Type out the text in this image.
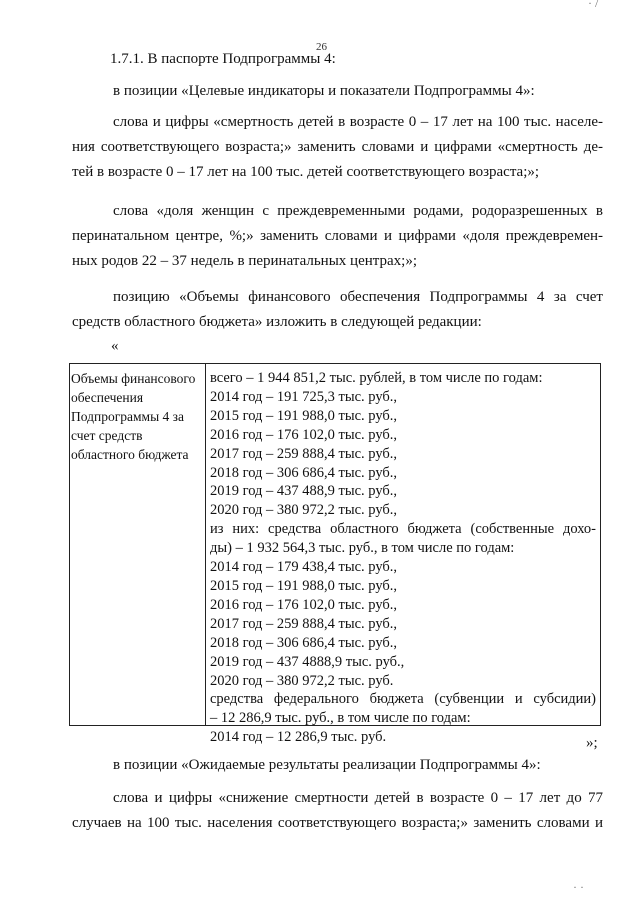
26
· /
1.7.1. В паспорте Подпрограммы 4:
в позиции «Целевые индикаторы и показатели Подпрограммы 4»:
слова и цифры «смертность детей в возрасте 0 – 17 лет на 100 тыс. населе-
ния соответствующего возраста;» заменить словами и цифрами «смертность де-
тей в возрасте 0 – 17 лет на 100 тыс. детей соответствующего возраста;»;
слова «доля женщин с преждевременными родами, родоразрешенных в
перинатальном центре, %;» заменить словами и цифрами «доля преждевремен-
ных родов 22 – 37 недель в перинатальных центрах;»;
позицию «Объемы финансового обеспечения Подпрограммы 4 за счет
средств областного бюджета» изложить в следующей редакции:
«
Объемы финансового обеспечения Подпрограммы 4 за счет средств областного бюджета
всего – 1 944 851,2 тыс. рублей, в том числе по годам:
2014 год – 191 725,3 тыс. руб.,
2015 год – 191 988,0 тыс. руб.,
2016 год – 176 102,0 тыс. руб.,
2017 год – 259 888,4 тыс. руб.,
2018 год – 306 686,4 тыс. руб.,
2019 год – 437 488,9 тыс. руб.,
2020 год – 380 972,2 тыс. руб.,
из них: средства областного бюджета (собственные дохо-
ды) – 1 932 564,3 тыс. руб., в том числе по годам:
2014 год – 179 438,4 тыс. руб.,
2015 год – 191 988,0 тыс. руб.,
2016 год – 176 102,0 тыс. руб.,
2017 год – 259 888,4 тыс. руб.,
2018 год – 306 686,4 тыс. руб.,
2019 год – 437 4888,9 тыс. руб.,
2020 год – 380 972,2 тыс. руб.
средства федерального бюджета (субвенции и субсидии)
– 12 286,9 тыс. руб., в том числе по годам:
2014 год – 12 286,9 тыс. руб.	»;
в позиции «Ожидаемые результаты реализации Подпрограммы 4»:
слова и цифры «снижение смертности детей в возрасте 0 – 17 лет до 77
случаев на 100 тыс. населения соответствующего возраста;» заменить словами и
· ·
